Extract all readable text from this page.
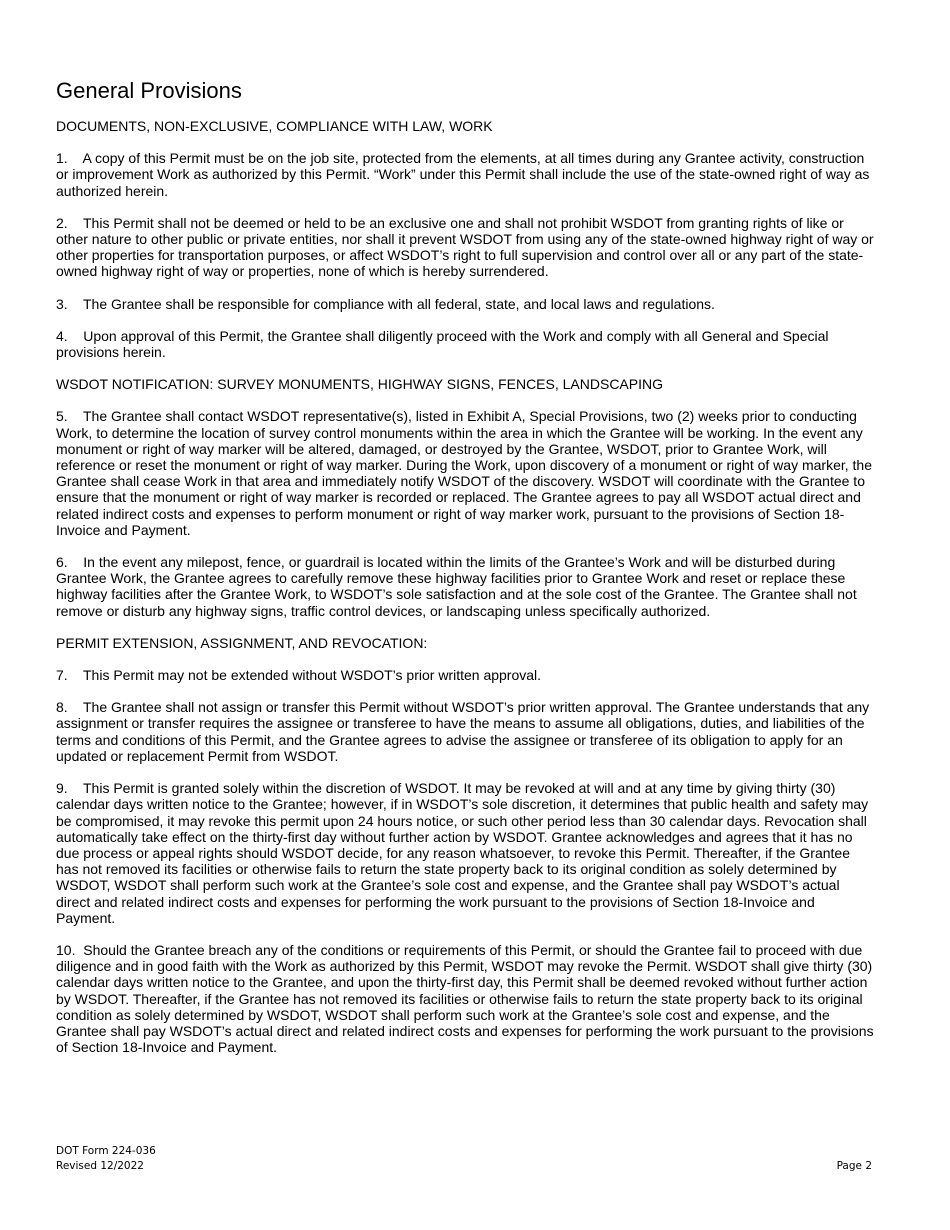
General Provisions

DOCUMENTS, NON-EXCLUSIVE, COMPLIANCE WITH LAW, WORK

1. A copy of this Permit must be on the job site, protected from the elements, at all times during any Grantee activity, construction or improvement Work as authorized by this Permit. “Work” under this Permit shall include the use of the state-owned right of way as authorized herein.

2. This Permit shall not be deemed or held to be an exclusive one and shall not prohibit WSDOT from granting rights of like or other nature to other public or private entities, nor shall it prevent WSDOT from using any of the state-owned highway right of way or other properties for transportation purposes, or affect WSDOT’s right to full supervision and control over all or any part of the state-owned highway right of way or properties, none of which is hereby surrendered.

3. The Grantee shall be responsible for compliance with all federal, state, and local laws and regulations.

4. Upon approval of this Permit, the Grantee shall diligently proceed with the Work and comply with all General and Special provisions herein.

WSDOT NOTIFICATION: SURVEY MONUMENTS, HIGHWAY SIGNS, FENCES, LANDSCAPING

5. The Grantee shall contact WSDOT representative(s), listed in Exhibit A, Special Provisions, two (2) weeks prior to conducting Work, to determine the location of survey control monuments within the area in which the Grantee will be working. In the event any monument or right of way marker will be altered, damaged, or destroyed by the Grantee, WSDOT, prior to Grantee Work, will reference or reset the monument or right of way marker. During the Work, upon discovery of a monument or right of way marker, the Grantee shall cease Work in that area and immediately notify WSDOT of the discovery. WSDOT will coordinate with the Grantee to ensure that the monument or right of way marker is recorded or replaced. The Grantee agrees to pay all WSDOT actual direct and related indirect costs and expenses to perform monument or right of way marker work, pursuant to the provisions of Section 18-Invoice and Payment.

6. In the event any milepost, fence, or guardrail is located within the limits of the Grantee’s Work and will be disturbed during Grantee Work, the Grantee agrees to carefully remove these highway facilities prior to Grantee Work and reset or replace these highway facilities after the Grantee Work, to WSDOT’s sole satisfaction and at the sole cost of the Grantee. The Grantee shall not remove or disturb any highway signs, traffic control devices, or landscaping unless specifically authorized.

PERMIT EXTENSION, ASSIGNMENT, AND REVOCATION:

7. This Permit may not be extended without WSDOT’s prior written approval.

8. The Grantee shall not assign or transfer this Permit without WSDOT’s prior written approval. The Grantee understands that any assignment or transfer requires the assignee or transferee to have the means to assume all obligations, duties, and liabilities of the terms and conditions of this Permit, and the Grantee agrees to advise the assignee or transferee of its obligation to apply for an updated or replacement Permit from WSDOT.

9. This Permit is granted solely within the discretion of WSDOT. It may be revoked at will and at any time by giving thirty (30) calendar days written notice to the Grantee; however, if in WSDOT’s sole discretion, it determines that public health and safety may be compromised, it may revoke this permit upon 24 hours notice, or such other period less than 30 calendar days. Revocation shall automatically take effect on the thirty-first day without further action by WSDOT. Grantee acknowledges and agrees that it has no due process or appeal rights should WSDOT decide, for any reason whatsoever, to revoke this Permit. Thereafter, if the Grantee has not removed its facilities or otherwise fails to return the state property back to its original condition as solely determined by WSDOT, WSDOT shall perform such work at the Grantee’s sole cost and expense, and the Grantee shall pay WSDOT’s actual direct and related indirect costs and expenses for performing the work pursuant to the provisions of Section 18-Invoice and Payment.

10. Should the Grantee breach any of the conditions or requirements of this Permit, or should the Grantee fail to proceed with due diligence and in good faith with the Work as authorized by this Permit, WSDOT may revoke the Permit. WSDOT shall give thirty (30) calendar days written notice to the Grantee, and upon the thirty-first day, this Permit shall be deemed revoked without further action by WSDOT. Thereafter, if the Grantee has not removed its facilities or otherwise fails to return the state property back to its original condition as solely determined by WSDOT, WSDOT shall perform such work at the Grantee’s sole cost and expense, and the Grantee shall pay WSDOT’s actual direct and related indirect costs and expenses for performing the work pursuant to the provisions of Section 18-Invoice and Payment.

DOT Form 224-036
Revised 12/2022	Page 2
